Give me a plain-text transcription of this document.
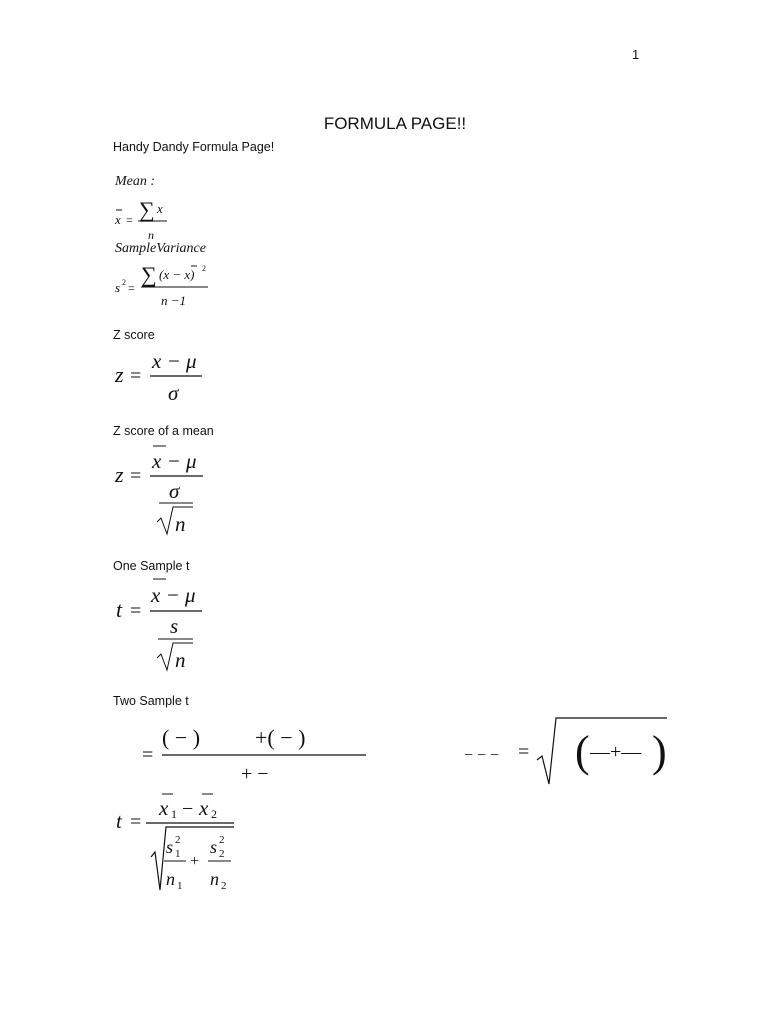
1
FORMULA PAGE!!
Handy Dandy Formula Page!
Mean :
x = ∑ x
n
SampleVariance
s 2 =
∑ (x − x) 2
n −1
Z score
z =
x − μ
σ
Z score of a mean
z =
x − μ
σ
n
One Sample t
t =
x − μ
s
n
Two Sample t
=
( − ) +( − )
+ −
− − − = ( —+— )
t =
x 1 − x 2
s 2
1
n 1
+
s 2
2
n 2
